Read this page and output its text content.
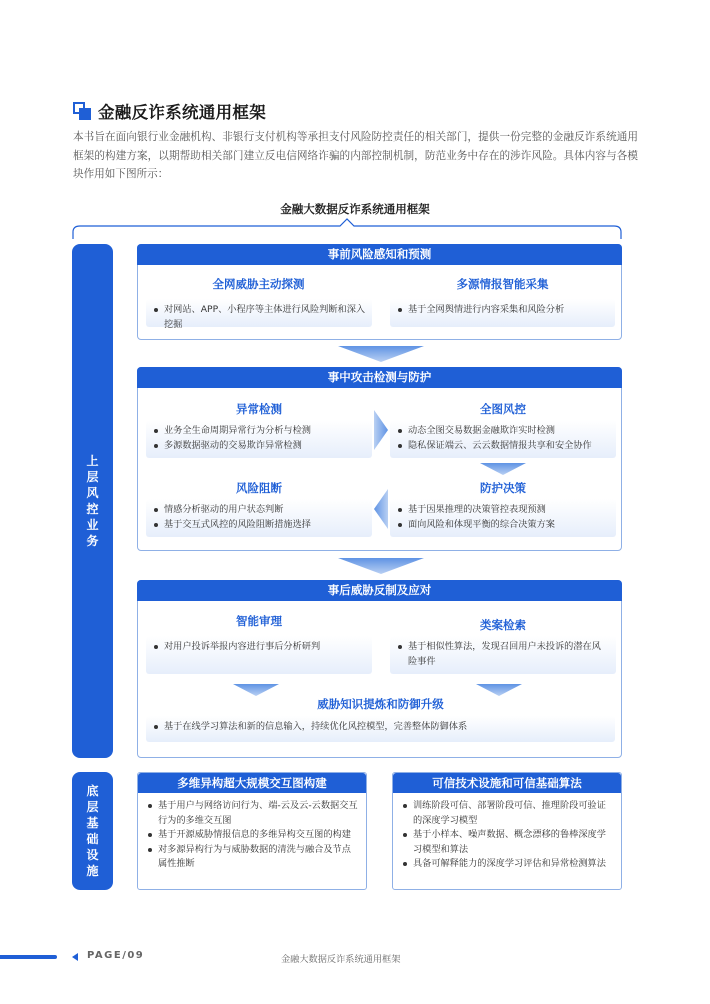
金融反诈系统通用框架
本书旨在面向银行业金融机构、非银行支付机构等承担支付风险防控责任的相关部门，提供一份完整的金融反诈系统通用框架的构建方案，以期帮助相关部门建立反电信网络诈骗的内部控制机制，防范业务中存在的涉诈风险。具体内容与各模块作用如下图所示：
金融大数据反诈系统通用框架
上层风控业务
底层基础设施
事前风险感知和预测
全网威胁主动探测	多源情报智能采集
对网站、APP、小程序等主体进行风险判断和深入挖掘
基于全网舆情进行内容采集和风险分析
事中攻击检测与防护
异常检测
业务全生命周期异常行为分析与检测
多源数据驱动的交易欺诈异常检测
全图风控
动态全图交易数据金融欺诈实时检测
隐私保证端云、云云数据情报共享和安全协作
风险阻断
情感分析驱动的用户状态判断
基于交互式风控的风险阻断措施选择
防护决策
基于因果推理的决策管控表现预测
面向风险和体现平衡的综合决策方案
事后威胁反制及应对
智能审理
对用户投诉举报内容进行事后分析研判
类案检索
基于相似性算法，发现召回用户未投诉的潜在风险事件
威胁知识提炼和防御升级
基于在线学习算法和新的信息输入，持续优化风控模型，完善整体防御体系
多维异构超大规模交互图构建
基于用户与网络访问行为、端-云及云-云数据交互行为的多维交互图
基于开源威胁情报信息的多维异构交互图的构建
对多源异构行为与威胁数据的清洗与融合及节点属性推断
可信技术设施和可信基础算法
训练阶段可信、部署阶段可信、推理阶段可验证的深度学习模型
基于小样本、噪声数据、概念漂移的鲁棒深度学习模型和算法
具备可解释能力的深度学习评估和异常检测算法
PAGE/09	金融大数据反诈系统通用框架
